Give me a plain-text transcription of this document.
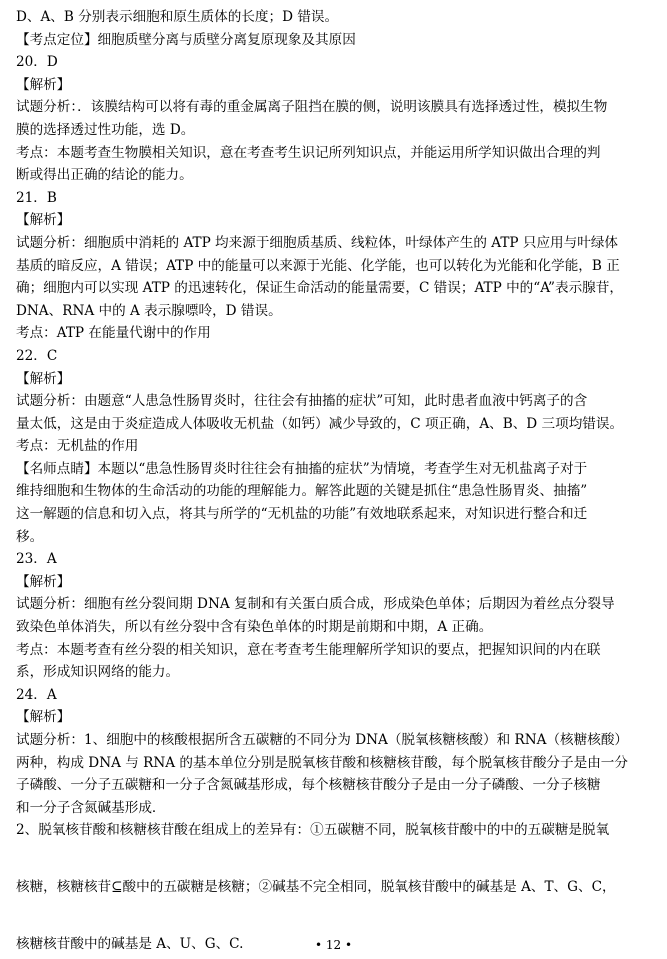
D、A、B 分别表示细胞和原生质体的长度；D 错误。
【考点定位】细胞质壁分离与质壁分离复原现象及其原因
20．D
【解析】
试题分析：．该膜结构可以将有毒的重金属离子阻挡在膜的侧，说明该膜具有选择透过性，模拟生物
膜的选择透过性功能，选 D。
考点：本题考查生物膜相关知识，意在考查考生识记所列知识点，并能运用所学知识做出合理的判
断或得出正确的结论的能力。
21．B
【解析】
试题分析：细胞质中消耗的 ATP 均来源于细胞质基质、线粒体，叶绿体产生的 ATP 只应用与叶绿体
基质的暗反应，A 错误；ATP 中的能量可以来源于光能、化学能，也可以转化为光能和化学能，B 正
确；细胞内可以实现 ATP 的迅速转化，保证生命活动的能量需要，C 错误；ATP 中的“A”表示腺苷，
DNA、RNA 中的 A 表示腺嘌呤，D 错误。
考点：ATP 在能量代谢中的作用
22．C
【解析】
试题分析：由题意“人患急性肠胃炎时，往往会有抽搐的症状”可知，此时患者血液中钙离子的含
量太低，这是由于炎症造成人体吸收无机盐（如钙）减少导致的，C 项正确，A、B、D 三项均错误。
考点：无机盐的作用
【名师点睛】本题以“患急性肠胃炎时往往会有抽搐的症状”为情境，考查学生对无机盐离子对于
维持细胞和生物体的生命活动的功能的理解能力。解答此题的关键是抓住“患急性肠胃炎、抽搐”
这一解题的信息和切入点，将其与所学的“无机盐的功能”有效地联系起来，对知识进行整合和迁
移。
23．A
【解析】
试题分析：细胞有丝分裂间期 DNA 复制和有关蛋白质合成，形成染色单体；后期因为着丝点分裂导
致染色单体消失，所以有丝分裂中含有染色单体的时期是前期和中期，A 正确。
考点：本题考查有丝分裂的相关知识，意在考查考生能理解所学知识的要点，把握知识间的内在联
系，形成知识网络的能力。
24．A
【解析】
试题分析：1、细胞中的核酸根据所含五碳糖的不同分为 DNA（脱氧核糖核酸）和 RNA（核糖核酸）
两种，构成 DNA 与 RNA 的基本单位分别是脱氧核苷酸和核糖核苷酸，每个脱氧核苷酸分子是由一分
子磷酸、一分子五碳糖和一分子含氮碱基形成，每个核糖核苷酸分子是由一分子磷酸、一分子核糖
和一分子含氮碱基形成．
2、脱氧核苷酸和核糖核苷酸在组成上的差异有：①五碳糖不同，脱氧核苷酸中的中的五碳糖是脱氧
核糖，核糖核苷⊆酸中的五碳糖是核糖；②碱基不完全相同，脱氧核苷酸中的碱基是 A、T、G、C，
核糖核苷酸中的碱基是 A、U、G、C.	• 12 •
